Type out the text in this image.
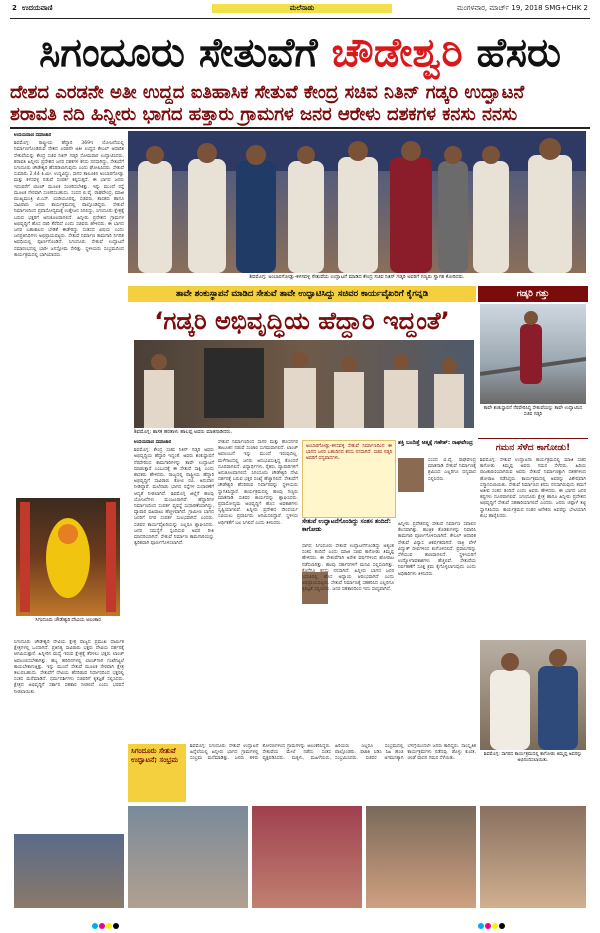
2 ಉದಯವಾಣಿ	ಮಲೆನಾಡು	ಮಂಗಳವಾರ, ಮಾರ್ಚ್ 19, 2018 SMG+CHK 2
ಸಿಗಂದೂರು ಸೇತುವೆಗೆ ಚೌಡೇಶ್ವರಿ ಹೆಸರು
ದೇಶದ ಎರಡನೇ ಅತೀ ಉದ್ದದ ಐತಿಹಾಸಿಕ ಸೇತುವೆ ಕೇಂದ್ರ ಸಚಿವ ನಿತಿನ್ ಗಡ್ಕರಿ ಉದ್ಘಾಟನೆ
ಶರಾವತಿ ನದಿ ಹಿನ್ನೀರು ಭಾಗದ ಹತ್ತಾರು ಗ್ರಾಮಗಳ ಜನರ ಆರೇಳು ದಶಕಗಳ ಕನಸು ನನಸು
ಉದಯವಾಣಿ ಸಮಾಚಾರ
ಶಿವಮೊಗ್ಗ: ರಾಷ್ಟ್ರೀಯ ಹೆದ್ದಾರಿ 369ಇ ಯೋಜನೆಯಲ್ಲಿ ನಿರ್ಮಾಣಗೊಂಡಿರುವ ದೇಶದ ಎರಡನೇ ಅತೀ ಉದ್ದದ ಕೇಬಲ್ ಆಧಾರಿತ ಸೇತುವೆಯನ್ನು ಕೇಂದ್ರ ಸಚಿವ ನಿತಿನ್ ಗಡ್ಕರಿ ಸೋಮವಾರ ಉದ್ಘಾಟಿಸಿದರು. ಶರಾವತಿ ಹಿನ್ನೀರು ಪ್ರದೇಶದ ಜನರ ದಶಕಗಳ ಕನಸು ನನಸಾಗಿದ್ದು, ಸೇತುವೆಗೆ ಸಿಗಂದೂರು ಚೌಡೇಶ್ವರಿ ಹೆಸರಿಡಲಾಗುವುದು ಎಂದು ಘೋಷಿಸಿದರು. ಸೇತುವೆ ಸುಮಾರು 2.44 ಕಿ.ಮೀ. ಉದ್ದವಿದ್ದು, ಸಾಗರ ತಾಲೂಕಿನ ಅಂಬಾರಗೋಡ್ಲು ಮತ್ತು ಕಳಸವಳ್ಳಿ ನಡುವೆ ಸಂಪರ್ಕ ಕಲ್ಪಿಸುತ್ತದೆ. ಈ ಭಾಗದ ಜನರು ಇದುವರೆಗೆ ಲಾಂಚ್ ಮೂಲಕ ಸಂಚರಿಸಬೇಕಿತ್ತು. ಇನ್ನು ಮುಂದೆ ರಸ್ತೆ ಮೂಲಕ ನೇರವಾಗಿ ಸಂಚರಿಸಬಹುದು. ಸಂಸದ ಬಿ.ವೈ. ರಾಘವೇಂದ್ರ, ಮಾಜಿ ಮುಖ್ಯಮಂತ್ರಿ ಬಿ.ಎಸ್. ಯಡಿಯೂರಪ್ಪ, ಸಚಿವರು, ಶಾಸಕರು ಹಾಗೂ ಸಾವಿರಾರು ಜನರು ಕಾರ್ಯಕ್ರಮದಲ್ಲಿ ಪಾಲ್ಗೊಂಡಿದ್ದರು. ಸೇತುವೆ ನಿರ್ಮಾಣದಿಂದ ಪ್ರವಾಸೋದ್ಯಮಕ್ಕೆ ಉತ್ತೇಜನ ಸಿಗಲಿದ್ದು, ಸಿಗಂದೂರು ಕ್ಷೇತ್ರಕ್ಕೆ ಬರುವ ಭಕ್ತರಿಗೆ ಅನುಕೂಲವಾಗಲಿದೆ. ಹಿನ್ನೀರು ಪ್ರದೇಶದ ಗ್ರಾಮಗಳ ಅಭಿವೃದ್ಧಿಗೆ ಹೊಸ ದಾರಿ ತೆರೆದಿದೆ ಎಂದು ಸಚಿವರು ಹೇಳಿದರು. ಈ ಭಾಗದ ಜನರ ಬಹುಕಾಲದ ಬೇಡಿಕೆ ಈಡೇರಿದ್ದು ಸಂತಸದ ವಿಷಯ ಎಂದು ಜನಪ್ರತಿನಿಧಿಗಳು ಅಭಿಪ್ರಾಯಪಟ್ಟರು. ಸೇತುವೆ ನಿರ್ಮಾಣ ಕಾಮಗಾರಿ ನಿಗದಿತ ಅವಧಿಯಲ್ಲಿ ಪೂರ್ಣಗೊಂಡಿದೆ. ಸಿಗಂದೂರು ಸೇತುವೆ ಉದ್ಘಾಟನೆ ಸಮಾರಂಭದಲ್ಲಿ ಭಾರೀ ಜನಸ್ತೋಮ ಸೇರಿತ್ತು. ಸ್ಥಳೀಯರು ಸಂಭ್ರಮದಿಂದ ಕಾರ್ಯಕ್ರಮದಲ್ಲಿ ಭಾಗಿಯಾದರು.
ಶಿವಮೊಗ್ಗ: ಅಂಬಾರಗೋಡ್ಲು-ಕಳಸವಳ್ಳಿ ಸೇತುವೆಯ ಉದ್ಘಾಟನೆ ಮಾಡಿದ ಕೇಂದ್ರ ಸಚಿವ ನಿತಿನ್ ಗಡ್ಕರಿ ಅವರಿಗೆ ಗಣ್ಯರು ಸ್ವಾಗತ ಕೋರಿದರು.
ತಾವೇ ಶಂಕುಸ್ಥಾಪನೆ ಮಾಡಿದ ಸೇತುವೆ ತಾವೇ ಉದ್ಘಾಟಿಸಿದ್ದು ಸಚಿವರ ಕಾರ್ಯವೈಖರಿಗೆ ಕೈಗನ್ನಡಿ
‘ಗಡ್ಕರಿ ಅಭಿವೃದ್ಧಿಯ ಹೆದ್ದಾರಿ ಇದ್ದಂತೆ’
ಶಿವಮೊಗ್ಗ: ಶಾಸಕ ಹರತಾಳು ಹಾಲಪ್ಪ ಅವರು ಮಾತನಾಡಿದರು.
ಗಡ್ಕರಿ ಗತ್ತು
ತಾವೇ ಶಂಕುಸ್ಥಾಪನೆ ನೆರವೇರಿಸಿದ್ದ ಸೇತುವೆಯನ್ನು ತಾವೇ ಉದ್ಘಾಟಿಸಿದ ಸಚಿವ ಗಡ್ಕರಿ
ಗಮನ ಸೆಳೆದ ಕಾಗೋಡು!
ಶಿವಮೊಗ್ಗ: ಸೇತುವೆ ಉದ್ಘಾಟನಾ ಕಾರ್ಯಕ್ರಮದಲ್ಲಿ ಮಾಜಿ ಸಚಿವ ಕಾಗೋಡು ತಿಮ್ಮಪ್ಪ ಅವರು ಗಮನ ಸೆಳೆದರು. ಹಿರಿಯ ರಾಜಕಾರಣಿಯಾಗಿರುವ ಅವರು ಸೇತುವೆ ನಿರ್ಮಾಣಕ್ಕಾಗಿ ದಶಕಗಳಿಂದ ಹೋರಾಟ ನಡೆಸಿದ್ದರು. ಕಾರ್ಯಕ್ರಮದಲ್ಲಿ ಅವರನ್ನು ವಿಶೇಷವಾಗಿ ಸನ್ಮಾನಿಸಲಾಯಿತು. ಸೇತುವೆ ನಿರ್ಮಾಣದ ಕನಸು ನನಸಾಗಿರುವುದು ತಮಗೆ ಅತೀವ ಸಂತಸ ತಂದಿದೆ ಎಂದು ಅವರು ಹೇಳಿದರು. ಈ ಭಾಗದ ಜನರ ಕಷ್ಟಗಳು ದೂರವಾಗಲಿವೆ. ಸಿಗಂದೂರು ಕ್ಷೇತ್ರ ಹಾಗೂ ಹಿನ್ನೀರು ಪ್ರದೇಶದ ಅಭಿವೃದ್ಧಿಗೆ ಸೇತುವೆ ಸಹಕಾರಿಯಾಗಲಿದೆ ಎಂದರು. ಜನರು ಚಪ್ಪಾಳೆ ತಟ್ಟಿ ಸ್ವಾಗತಿಸಿದರು. ಕಾರ್ಯಕ್ರಮದ ನಂತರ ಅನೇಕರು ಅವರನ್ನು ಭೇಟಿಯಾಗಿ ಶುಭ ಹಾರೈಸಿದರು.
ಶಿವಮೊಗ್ಗ: ಸಾಗರದ ಕಾರ್ಯಕ್ರಮದಲ್ಲಿ ಕಾಗೋಡು ತಿಮ್ಮಪ್ಪ ಅವರನ್ನು ಅಭಿನಂದಿಸಲಾಯಿತು.
ಉದಯವಾಣಿ ಸಮಾಚಾರ
ಶಿವಮೊಗ್ಗ: ಕೇಂದ್ರ ಸಚಿವ ನಿತಿನ್ ಗಡ್ಕರಿ ಅವರು ಅಭಿವೃದ್ಧಿಯ ಹೆದ್ದಾರಿ ಇದ್ದಂತೆ. ಅವರು ಶಂಕುಸ್ಥಾಪನೆ ನೆರವೇರಿಸಿದ ಕಾಮಗಾರಿಗಳನ್ನು ತಾವೇ ಉದ್ಘಾಟನೆ ಮಾಡುತ್ತಾರೆ ಎಂಬುದಕ್ಕೆ ಈ ಸೇತುವೆ ಸಾಕ್ಷಿ ಎಂದು ಶಾಸಕರು ಹೇಳಿದರು. ರಾಜ್ಯದಲ್ಲಿ ರಾಷ್ಟ್ರೀಯ ಹೆದ್ದಾರಿ ಅಭಿವೃದ್ಧಿಗೆ ಸಾವಿರಾರು ಕೋಟಿ ರೂ. ಅನುದಾನ ನೀಡಿದ್ದಾರೆ. ಮಲೆನಾಡು ಭಾಗದ ರಸ್ತೆಗಳ ಸುಧಾರಣೆಗೆ ಆದ್ಯತೆ ನೀಡಲಾಗಿದೆ. ಶಿವಮೊಗ್ಗ ಜಿಲ್ಲೆಗೆ ಹಲವು ಯೋಜನೆಗಳು ಮಂಜೂರಾಗಿವೆ. ಹೆದ್ದಾರಿಗಳ ನಿರ್ಮಾಣದಿಂದ ಸಂಪರ್ಕ ವ್ಯವಸ್ಥೆ ಸುಧಾರಣೆಯಾಗಿದ್ದು, ವ್ಯಾಪಾರ ವಹಿವಾಟು ಹೆಚ್ಚಳವಾಗಿದೆ. ಗ್ರಾಮೀಣ ಭಾಗದ ಜನರಿಗೆ ನಗರ ಸಂಪರ್ಕ ಸುಲಭವಾಗಿದೆ ಎಂದರು. ಸಚಿವರ ಕಾರ್ಯವೈಖರಿಯನ್ನು ಎಲ್ಲರೂ ಶ್ಲಾಘಿಸಿದರು. ಜನರ ಸಮಸ್ಯೆಗೆ ಸ್ಪಂದಿಸುವ ಅವರ ರೀತಿ ಮಾದರಿಯಾಗಿದೆ. ಸೇತುವೆ ನಿರ್ಮಾಣ ಕಾಮಗಾರಿಯನ್ನು ತ್ವರಿತವಾಗಿ ಪೂರ್ಣಗೊಳಿಸಲಾಗಿದೆ.
ಸೇತುವೆ ನಿರ್ಮಾಣದಿಂದ ಸಾಗರ ಮತ್ತು ಹೊಸನಗರ ತಾಲೂಕಿನ ನಡುವೆ ಸಂಚಾರ ಸುಗಮವಾಗಲಿದೆ. ಲಾಂಚ್ ಅವಲಂಬನೆ ಇನ್ನು ಮುಂದೆ ಇರುವುದಿಲ್ಲ. ಮಳೆಗಾಲದಲ್ಲಿ ಜನರು ಅನುಭವಿಸುತ್ತಿದ್ದ ತೊಂದರೆ ದೂರವಾಗಲಿದೆ. ವಿದ್ಯಾರ್ಥಿಗಳು, ರೈತರು, ವ್ಯಾಪಾರಿಗಳಿಗೆ ಅನುಕೂಲವಾಗಲಿದೆ. ಸಿಗಂದೂರು ಚೌಡೇಶ್ವರಿ ದೇವಿ ದರ್ಶನಕ್ಕೆ ಬರುವ ಭಕ್ತರ ಸಂಖ್ಯೆ ಹೆಚ್ಚಾಗಲಿದೆ. ಸೇತುವೆಗೆ ಚೌಡೇಶ್ವರಿ ಹೆಸರಿಡುವ ನಿರ್ಧಾರವನ್ನು ಸ್ಥಳೀಯರು ಸ್ವಾಗತಿಸಿದ್ದಾರೆ. ಕಾರ್ಯಕ್ರಮದಲ್ಲಿ ಹಲವು ಗಣ್ಯರು ಮಾತನಾಡಿ ಸಚಿವರ ಕಾರ್ಯವನ್ನು ಶ್ಲಾಘಿಸಿದರು. ಪ್ರವಾಸೋದ್ಯಮ ಅಭಿವೃದ್ಧಿಗೆ ಹೊಸ ಅವಕಾಶಗಳು ಸೃಷ್ಟಿಯಾಗಲಿವೆ. ಹಿನ್ನೀರು ಪ್ರದೇಶದ ಸೌಂದರ್ಯ ಸವಿಯಲು ಪ್ರವಾಸಿಗರು ಆಗಮಿಸಲಿದ್ದಾರೆ. ಸ್ಥಳೀಯ ಆರ್ಥಿಕತೆಗೆ ಬಲ ಸಿಗಲಿದೆ ಎಂದು ತಿಳಿಸಿದರು.
ಅಂಬಾರಗೋಡ್ಲು-ಕಳಸವಳ್ಳಿ ಸೇತುವೆ ನಿರ್ಮಾಣದಿಂದ ಈ ಭಾಗದ ಜನರ ಬಹುದಿನದ ಕನಸು ನನಸಾಗಿದೆ. ಸಚಿವ ಗಡ್ಕರಿ ಅವರಿಗೆ ಧನ್ಯವಾದಗಳು.
ಶಕ್ತಿ ಬಂದಿತ್ತೆ ಆತ್ಮಕ್ಕೆ ಗಣೇಶ್: ರಾಘವೇಂದ್ರ
ಸಂಸದ ಬಿ.ವೈ. ರಾಘವೇಂದ್ರ ಮಾತನಾಡಿ ಸೇತುವೆ ನಿರ್ಮಾಣಕ್ಕೆ ಶ್ರಮಿಸಿದ ಎಲ್ಲರಿಗೂ ಧನ್ಯವಾದ ಸಲ್ಲಿಸಿದರು.
ಸೇತುವೆ ಉದ್ಘಾಟನೆಗೊಂಡಿದ್ದು ಸಂತಸ ತಂದಿದೆ: ಕಾಗೋಡು
ಸಾಗರ: ಸಿಗಂದೂರು ಸೇತುವೆ ಉದ್ಘಾಟನೆಗೊಂಡಿದ್ದು ಅತ್ಯಂತ ಸಂತಸ ತಂದಿದೆ ಎಂದು ಮಾಜಿ ಸಚಿವ ಕಾಗೋಡು ತಿಮ್ಮಪ್ಪ ಹೇಳಿದರು. ಈ ಸೇತುವೆಗಾಗಿ ಅನೇಕ ವರ್ಷಗಳಿಂದ ಹೋರಾಟ ನಡೆಸಲಾಗಿತ್ತು. ಹಲವು ಸರ್ಕಾರಗಳಿಗೆ ಮನವಿ ಸಲ್ಲಿಸಲಾಗಿತ್ತು. ಕೊನೆಗೂ ಕನಸು ನನಸಾಗಿದೆ. ಹಿನ್ನೀರು ಭಾಗದ ಜನರ ಬದುಕಿನಲ್ಲಿ ಹೊಸ ಅಧ್ಯಾಯ ಆರಂಭವಾಗಿದೆ ಎಂದು ಅಭಿಪ್ರಾಯಪಟ್ಟರು. ಸೇತುವೆ ನಿರ್ಮಾಣಕ್ಕೆ ಸಹಕರಿಸಿದ ಎಲ್ಲರಿಗೂ ಕೃತಜ್ಞತೆ ಸಲ್ಲಿಸಿದರು. ಜನರ ಸಹಕಾರದಿಂದ ಇದು ಸಾಧ್ಯವಾಗಿದೆ.
ಹಿನ್ನೀರು ಪ್ರದೇಶದಲ್ಲಿ ಸೇತುವೆ ನಿರ್ಮಾಣ ಸವಾಲಿನ ಕೆಲಸವಾಗಿತ್ತು. ತಾಂತ್ರಿಕ ತೊಡಕುಗಳನ್ನು ನಿವಾರಿಸಿ ಕಾಮಗಾರಿ ಪೂರ್ಣಗೊಳಿಸಲಾಗಿದೆ. ಕೇಬಲ್ ಆಧಾರಿತ ಸೇತುವೆ ವಿನ್ಯಾಸ ಆಕರ್ಷಕವಾಗಿದೆ. ರಾತ್ರಿ ವೇಳೆ ವಿದ್ಯುತ್ ದೀಪಗಳಿಂದ ಕಂಗೊಳಿಸಲಿದೆ. ಪ್ರವಾಸಿಗರನ್ನು ಸೆಳೆಯುವ ತಾಣವಾಗಲಿದೆ. ಸ್ಥಳೀಯರಿಗೆ ಉದ್ಯೋಗಾವಕಾಶಗಳು ಹೆಚ್ಚಲಿವೆ. ಸೇತುವೆಯ ನಿರ್ವಹಣೆಗೆ ಸೂಕ್ತ ಕ್ರಮ ಕೈಗೊಳ್ಳಲಾಗುವುದು ಎಂದು ಅಧಿಕಾರಿಗಳು ತಿಳಿಸಿದರು.
ಸಿಗಂದೂರು ಚೌಡೇಶ್ವರಿ ದೇವಿಯ ಅಲಂಕಾರ
ಸಿಗಂದೂರು ಚೌಡೇಶ್ವರಿ ದೇವಿಯ ಕ್ಷೇತ್ರ ರಾಜ್ಯದ ಪ್ರಮುಖ ಧಾರ್ಮಿಕ ಕ್ಷೇತ್ರಗಳಲ್ಲಿ ಒಂದಾಗಿದೆ. ಪ್ರತಿನಿತ್ಯ ಸಾವಿರಾರು ಭಕ್ತರು ದೇವಿಯ ದರ್ಶನಕ್ಕೆ ಆಗಮಿಸುತ್ತಾರೆ. ಹಿನ್ನೀರಿನ ಮಧ್ಯೆ ಇರುವ ಕ್ಷೇತ್ರಕ್ಕೆ ತೆರಳಲು ಭಕ್ತರು ಲಾಂಚ್ ಅವಲಂಬಿಸಬೇಕಾಗಿತ್ತು. ಹಬ್ಬ ಹರಿದಿನಗಳಲ್ಲಿ ಲಾಂಚ್‌ಗಾಗಿ ಗಂಟೆಗಟ್ಟಲೆ ಕಾಯಬೇಕಾಗುತ್ತಿತ್ತು. ಇನ್ನು ಮುಂದೆ ಸೇತುವೆ ಮೂಲಕ ನೇರವಾಗಿ ಕ್ಷೇತ್ರ ತಲುಪಬಹುದು. ಸೇತುವೆಗೆ ದೇವಿಯ ಹೆಸರಿಡುವ ನಿರ್ಧಾರದಿಂದ ಭಕ್ತರಲ್ಲಿ ಸಂತಸ ಮನೆಮಾಡಿದೆ. ಧರ್ಮದರ್ಶಿಗಳು ಸಚಿವರಿಗೆ ಕೃತಜ್ಞತೆ ಸಲ್ಲಿಸಿದರು. ಕ್ಷೇತ್ರದ ಅಭಿವೃದ್ಧಿಗೆ ಸರ್ಕಾರ ಸಹಕಾರ ನೀಡಲಿದೆ ಎಂದು ಭರವಸೆ ನೀಡಲಾಯಿತು.
ಸಿಗಂದೂರು ಸೇತುವೆ ಉದ್ಘಾಟನೆ; ಸಂಭ್ರಮ
ಶಿವಮೊಗ್ಗ: ಸಿಗಂದೂರು ಸೇತುವೆ ಉದ್ಘಾಟನೆ ಹಿನ್ನೆಲೆಯಲ್ಲಿ ಹಿನ್ನೀರು ಭಾಗದ ಗ್ರಾಮಗಳಲ್ಲಿ ಸಂಭ್ರಮ ಮನೆಮಾಡಿತ್ತು. ಜನರು ತಳಿರು ತೋರಣಗಳಿಂದ ಗ್ರಾಮಗಳನ್ನು ಅಲಂಕರಿಸಿದ್ದರು. ಸೇತುವೆಯ ಮೇಲೆ ನಡೆದು ಸಂತಸ ವ್ಯಕ್ತಪಡಿಸಿದರು. ಮಕ್ಕಳು, ಮಹಿಳೆಯರು, ಹಿರಿಯರು ಎಲ್ಲರೂ ಸಂಭ್ರಮದಲ್ಲಿ ಪಾಲ್ಗೊಂಡರು. ಪಟಾಕಿ ಸಿಡಿಸಿ ಸಿಹಿ ಹಂಚಿ ಸಂಭ್ರಮಿಸಿದರು. ಸಚಿವರ ಆಗಮನಕ್ಕಾಗಿ ಬೆಳಗ್ಗೆಯಿಂದಲೇ ಜನರು ಕಾದಿದ್ದರು. ಸಾಂಸ್ಕೃತಿಕ ಕಾರ್ಯಕ್ರಮಗಳು ನಡೆದವು. ಡೊಳ್ಳು ಕುಣಿತ, ಚಂಡೆ ವಾದನ ಗಮನ ಸೆಳೆಯಿತು.
